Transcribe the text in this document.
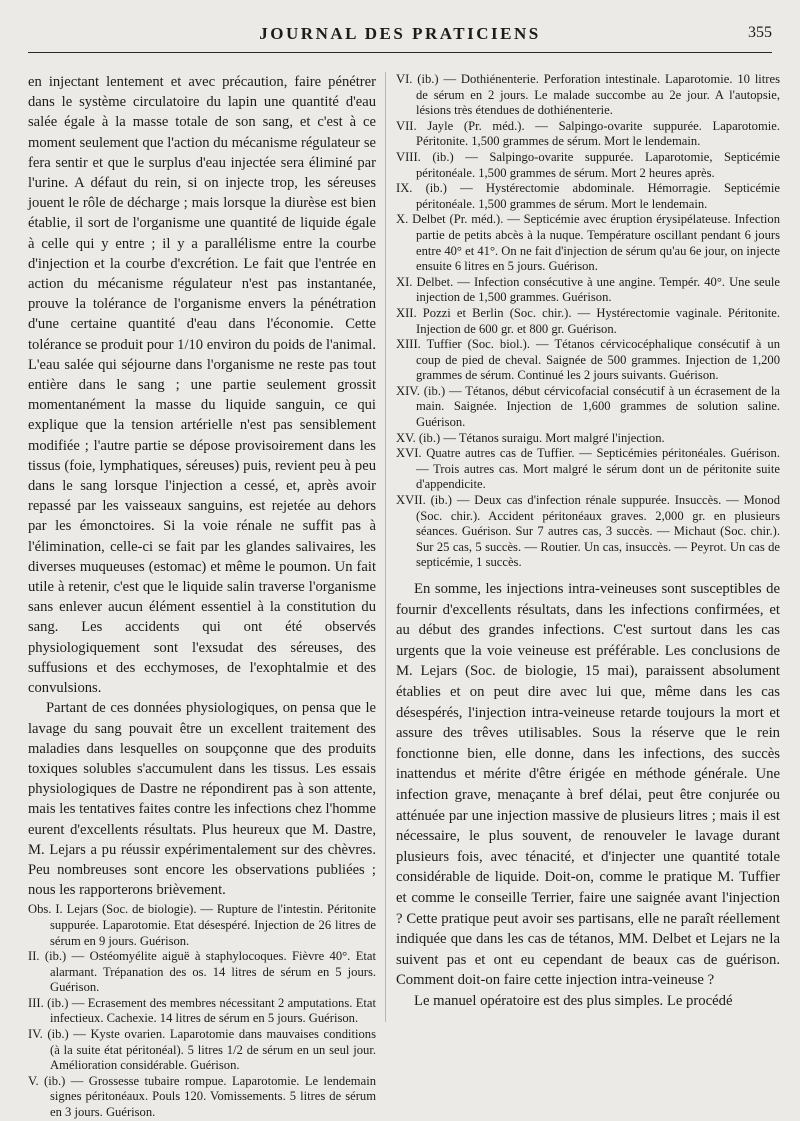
JOURNAL DES PRATICIENS	355

en injectant lentement et avec précaution, faire pénétrer dans le système circulatoire du lapin une quantité d'eau salée égale à la masse totale de son sang, et c'est à ce moment seulement que l'action du mécanisme régulateur se fera sentir et que le surplus d'eau injectée sera éliminé par l'urine. A défaut du rein, si on injecte trop, les séreuses jouent le rôle de décharge ; mais lorsque la diurèse est bien établie, il sort de l'organisme une quantité de liquide égale à celle qui y entre ; il y a parallélisme entre la courbe d'injection et la courbe d'excrétion. Le fait que l'entrée en action du mécanisme régulateur n'est pas instantanée, prouve la tolérance de l'organisme envers la pénétration d'une certaine quantité d'eau dans l'économie. Cette tolérance se produit pour 1/10 environ du poids de l'animal. L'eau salée qui séjourne dans l'organisme ne reste pas tout entière dans le sang ; une partie seulement grossit momentanément la masse du liquide sanguin, ce qui explique que la tension artérielle n'est pas sensiblement modifiée ; l'autre partie se dépose provisoirement dans les tissus (foie, lymphatiques, séreuses) puis, revient peu à peu dans le sang lorsque l'injection a cessé, et, après avoir repassé par les vaisseaux sanguins, est rejetée au dehors par les émonctoires. Si la voie rénale ne suffit pas à l'élimination, celle-ci se fait par les glandes salivaires, les diverses muqueuses (estomac) et même le poumon. Un fait utile à retenir, c'est que le liquide salin traverse l'organisme sans enlever aucun élément essentiel à la constitution du sang. Les accidents qui ont été observés physiologiquement sont l'exsudat des séreuses, des suffusions et des ecchymoses, de l'exophtalmie et des convulsions.

Partant de ces données physiologiques, on pensa que le lavage du sang pouvait être un excellent traitement des maladies dans lesquelles on soupçonne que des produits toxiques solubles s'accumulent dans les tissus. Les essais physiologiques de Dastre ne répondirent pas à son attente, mais les tentatives faites contre les infections chez l'homme eurent d'excellents résultats. Plus heureux que M. Dastre, M. Lejars a pu réussir expérimentalement sur des chèvres. Peu nombreuses sont encore les observations publiées ; nous les rapporterons brièvement.

Obs. I. Lejars (Soc. de biologie). — Rupture de l'intestin. Péritonite suppurée. Laparotomie. Etat désespéré. Injection de 26 litres de sérum en 9 jours. Guérison.

II. (ib.) — Ostéomyélite aiguë à staphylocoques. Fièvre 40°. Etat alarmant. Trépanation des os. 14 litres de sérum en 5 jours. Guérison.

III. (ib.) — Ecrasement des membres nécessitant 2 amputations. Etat infectieux. Cachexie. 14 litres de sérum en 5 jours. Guérison.

IV. (ib.) — Kyste ovarien. Laparotomie dans mauvaises conditions (à la suite état péritonéal). 5 litres 1/2 de sérum en un seul jour. Amélioration considérable. Guérison.

V. (ib.) — Grossesse tubaire rompue. Laparotomie. Le lendemain signes péritonéaux. Pouls 120. Vomissements. 5 litres de sérum en 3 jours. Guérison.

VI. (ib.) — Dothiénenterie. Perforation intestinale. Laparotomie. 10 litres de sérum en 2 jours. Le malade succombe au 2e jour. A l'autopsie, lésions très étendues de dothiénenterie.

VII. Jayle (Pr. méd.). — Salpingo-ovarite suppurée. Laparotomie. Péritonite. 1,500 grammes de sérum. Mort le lendemain.

VIII. (ib.) — Salpingo-ovarite suppurée. Laparotomie, Septicémie péritonéale. 1,500 grammes de sérum. Mort 2 heures après.

IX. (ib.) — Hystérectomie abdominale. Hémorragie. Septicémie péritonéale. 1,500 grammes de sérum. Mort le lendemain.

X. Delbet (Pr. méd.). — Septicémie avec éruption érysipélateuse. Infection partie de petits abcès à la nuque. Température oscillant pendant 6 jours entre 40° et 41°. On ne fait d'injection de sérum qu'au 6e jour, on injecte ensuite 6 litres en 5 jours. Guérison.

XI. Delbet. — Infection consécutive à une angine. Tempér. 40°. Une seule injection de 1,500 grammes. Guérison.

XII. Pozzi et Berlin (Soc. chir.). — Hystérectomie vaginale. Péritonite. Injection de 600 gr. et 800 gr. Guérison.

XIII. Tuffier (Soc. biol.). — Tétanos cérvicocéphalique consécutif à un coup de pied de cheval. Saignée de 500 grammes. Injection de 1,200 grammes de sérum. Continué les 2 jours suivants. Guérison.

XIV. (ib.) — Tétanos, début cérvicofacial consécutif à un écrasement de la main. Saignée. Injection de 1,600 grammes de solution saline. Guérison.

XV. (ib.) — Tétanos suraigu. Mort malgré l'injection.

XVI. Quatre autres cas de Tuffier. — Septicémies péritonéales. Guérison. — Trois autres cas. Mort malgré le sérum dont un de péritonite suite d'appendicite.

XVII. (ib.) — Deux cas d'infection rénale suppurée. Insuccès. — Monod (Soc. chir.). Accident péritonéaux graves. 2,000 gr. en plusieurs séances. Guérison. Sur 7 autres cas, 3 succès. — Michaut (Soc. chir.). Sur 25 cas, 5 succès. — Routier. Un cas, insuccès. — Peyrot. Un cas de septicémie, 1 succès.

En somme, les injections intra-veineuses sont susceptibles de fournir d'excellents résultats, dans les infections confirmées, et au début des grandes infections. C'est surtout dans les cas urgents que la voie veineuse est préférable. Les conclusions de M. Lejars (Soc. de biologie, 15 mai), paraissent absolument établies et on peut dire avec lui que, même dans les cas désespérés, l'injection intra-veineuse retarde toujours la mort et assure des trêves utilisables. Sous la réserve que le rein fonctionne bien, elle donne, dans les infections, des succès inattendus et mérite d'être érigée en méthode générale. Une infection grave, menaçante à bref délai, peut être conjurée ou atténuée par une injection massive de plusieurs litres ; mais il est nécessaire, le plus souvent, de renouveler le lavage durant plusieurs fois, avec ténacité, et d'injecter une quantité totale considérable de liquide. Doit-on, comme le pratique M. Tuffier et comme le conseille Terrier, faire une saignée avant l'injection ? Cette pratique peut avoir ses partisans, elle ne paraît réellement indiquée que dans les cas de tétanos, MM. Delbet et Lejars ne la suivent pas et ont eu cependant de beaux cas de guérison. Comment doit-on faire cette injection intra-veineuse ?

Le manuel opératoire est des plus simples. Le procédé
